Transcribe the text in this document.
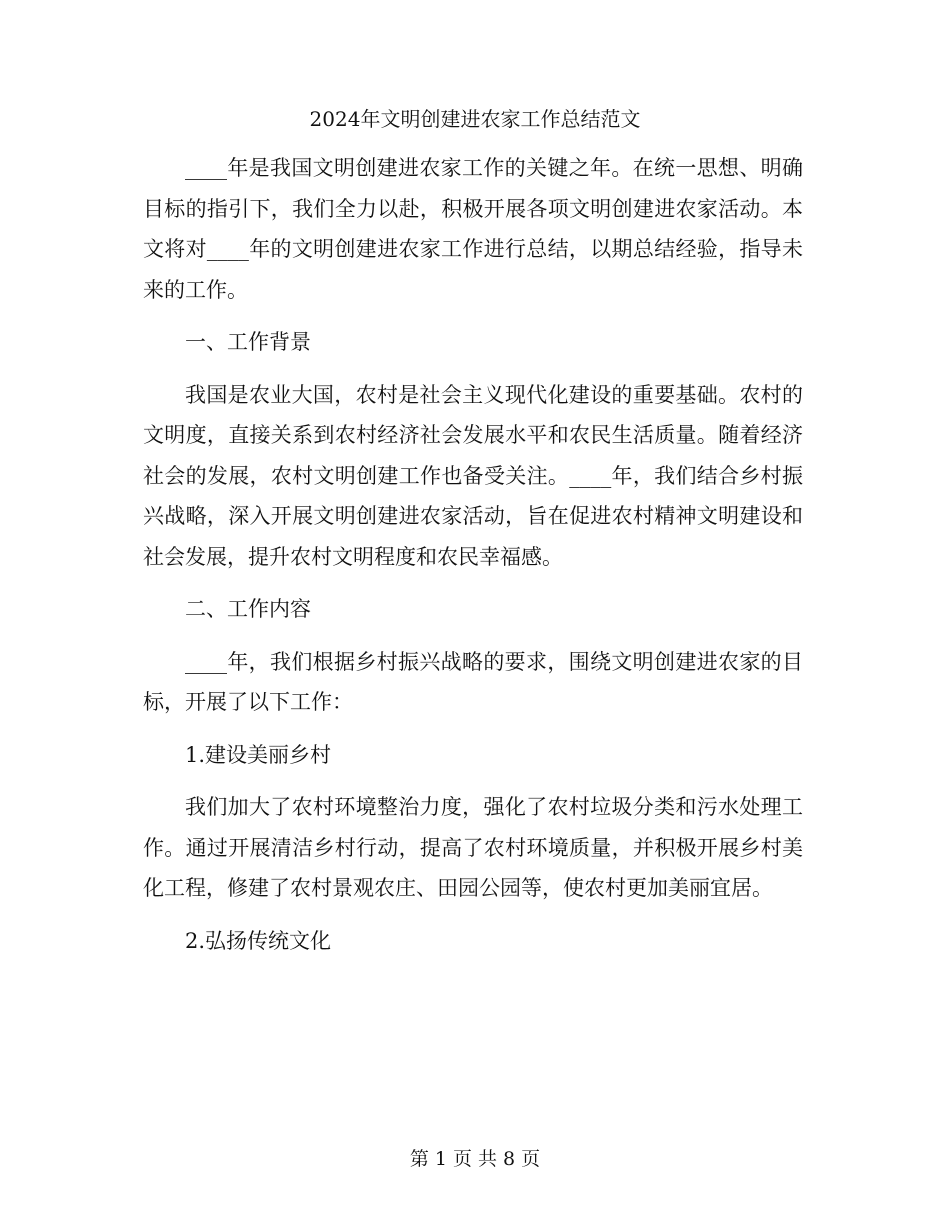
2024年文明创建进农家工作总结范文

____年是我国文明创建进农家工作的关键之年。在统一思想、明确目标的指引下，我们全力以赴，积极开展各项文明创建进农家活动。本文将对____年的文明创建进农家工作进行总结，以期总结经验，指导未来的工作。

一、工作背景

我国是农业大国，农村是社会主义现代化建设的重要基础。农村的文明度，直接关系到农村经济社会发展水平和农民生活质量。随着经济社会的发展，农村文明创建工作也备受关注。____年，我们结合乡村振兴战略，深入开展文明创建进农家活动，旨在促进农村精神文明建设和社会发展，提升农村文明程度和农民幸福感。

二、工作内容

____年，我们根据乡村振兴战略的要求，围绕文明创建进农家的目标，开展了以下工作：

1.建设美丽乡村

我们加大了农村环境整治力度，强化了农村垃圾分类和污水处理工作。通过开展清洁乡村行动，提高了农村环境质量，并积极开展乡村美化工程，修建了农村景观农庄、田园公园等，使农村更加美丽宜居。

2.弘扬传统文化

第 1 页 共 8 页
